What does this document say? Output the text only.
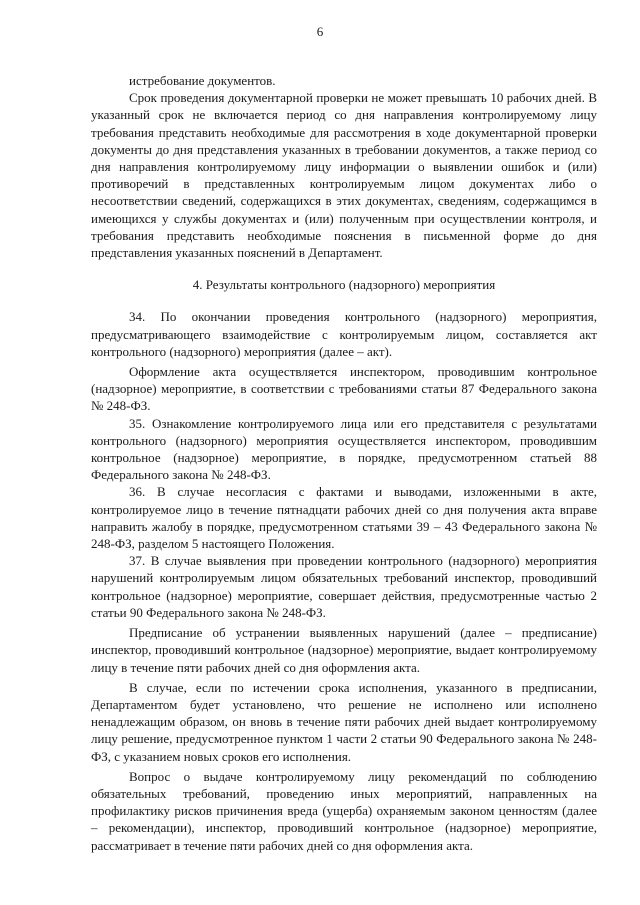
6

истребование документов.

Срок проведения документарной проверки не может превышать 10 рабочих дней. В указанный срок не включается период со дня направления контролируемому лицу требования представить необходимые для рассмотрения в ходе документарной проверки документы до дня представления указанных в требовании документов, а также период со дня направления контролируемому лицу информации о выявлении ошибок и (или) противоречий в представленных контролируемым лицом документах либо о несоответствии сведений, содержащихся в этих документах, сведениям, содержащимся в имеющихся у службы документах и (или) полученным при осуществлении контроля, и требования представить необходимые пояснения в письменной форме до дня представления указанных пояснений в Департамент.

4. Результаты контрольного (надзорного) мероприятия

34. По окончании проведения контрольного (надзорного) мероприятия, предусматривающего взаимодействие с контролируемым лицом, составляется акт контрольного (надзорного) мероприятия (далее – акт).

Оформление акта осуществляется инспектором, проводившим контрольное (надзорное) мероприятие, в соответствии с требованиями статьи 87 Федерального закона № 248-ФЗ.

35. Ознакомление контролируемого лица или его представителя с результатами контрольного (надзорного) мероприятия осуществляется инспектором, проводившим контрольное (надзорное) мероприятие, в порядке, предусмотренном статьей 88 Федерального закона № 248-ФЗ.

36. В случае несогласия с фактами и выводами, изложенными в акте, контролируемое лицо в течение пятнадцати рабочих дней со дня получения акта вправе направить жалобу в порядке, предусмотренном статьями 39 – 43 Федерального закона № 248-ФЗ, разделом 5 настоящего Положения.

37. В случае выявления при проведении контрольного (надзорного) мероприятия нарушений контролируемым лицом обязательных требований инспектор, проводивший контрольное (надзорное) мероприятие, совершает действия, предусмотренные частью 2 статьи 90 Федерального закона № 248-ФЗ.

Предписание об устранении выявленных нарушений (далее – предписание) инспектор, проводивший контрольное (надзорное) мероприятие, выдает контролируемому лицу в течение пяти рабочих дней со дня оформления акта.

В случае, если по истечении срока исполнения, указанного в предписании, Департаментом будет установлено, что решение не исполнено или исполнено ненадлежащим образом, он вновь в течение пяти рабочих дней выдает контролируемому лицу решение, предусмотренное пунктом 1 части 2 статьи 90 Федерального закона № 248-ФЗ, с указанием новых сроков его исполнения.

Вопрос о выдаче контролируемому лицу рекомендаций по соблюдению обязательных требований, проведению иных мероприятий, направленных на профилактику рисков причинения вреда (ущерба) охраняемым законом ценностям (далее – рекомендации), инспектор, проводивший контрольное (надзорное) мероприятие, рассматривает в течение пяти рабочих дней со дня оформления акта.
